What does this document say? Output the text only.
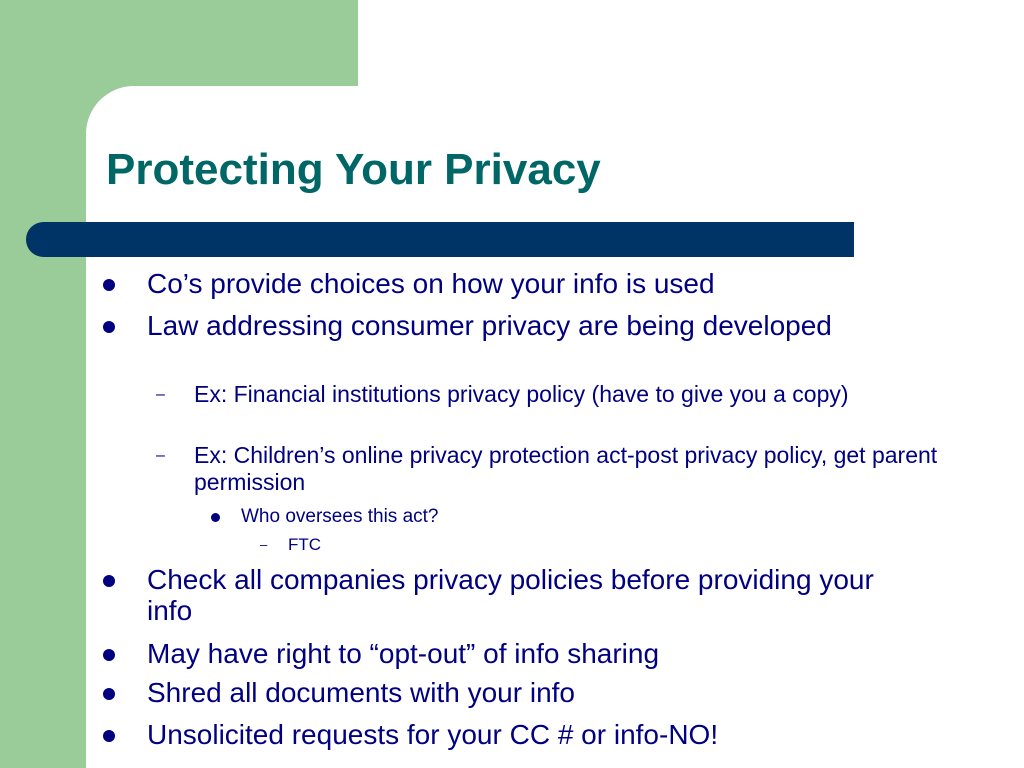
Protecting Your Privacy
Co’s provide choices on how your info is used
Law addressing consumer privacy are being developed
– Ex: Financial institutions privacy policy (have to give you a copy)
– Ex: Children’s online privacy protection act-post privacy policy, get parent permission
Who oversees this act?
– FTC
Check all companies privacy policies before providing your info
May have right to “opt-out” of info sharing
Shred all documents with your info
Unsolicited requests for your CC # or info-NO!
